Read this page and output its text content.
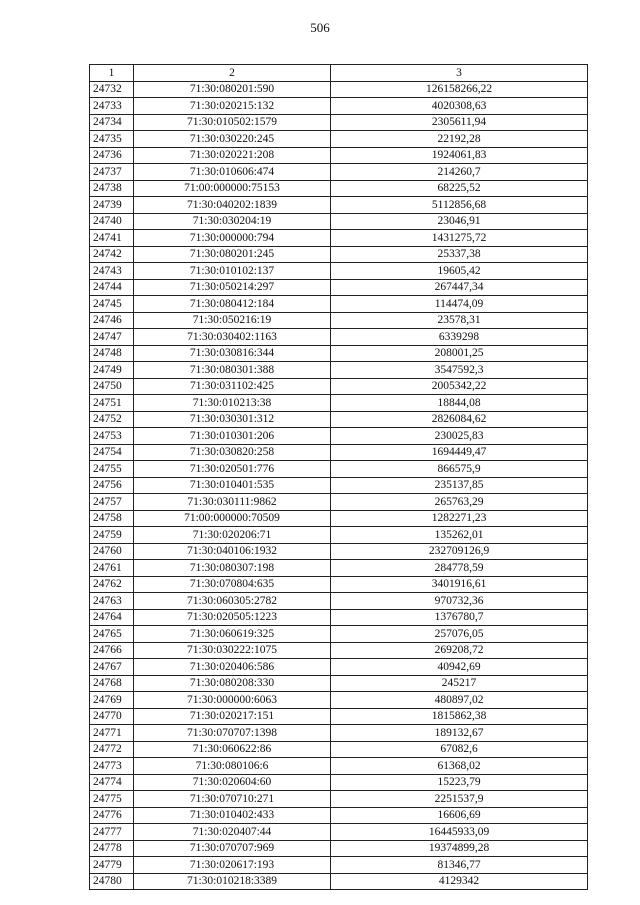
506
1	2	3
24732	71:30:080201:590	126158266,22
24733	71:30:020215:132	4020308,63
24734	71:30:010502:1579	2305611,94
24735	71:30:030220:245	22192,28
24736	71:30:020221:208	1924061,83
24737	71:30:010606:474	214260,7
24738	71:00:000000:75153	68225,52
24739	71:30:040202:1839	5112856,68
24740	71:30:030204:19	23046,91
24741	71:30:000000:794	1431275,72
24742	71:30:080201:245	25337,38
24743	71:30:010102:137	19605,42
24744	71:30:050214:297	267447,34
24745	71:30:080412:184	114474,09
24746	71:30:050216:19	23578,31
24747	71:30:030402:1163	6339298
24748	71:30:030816:344	208001,25
24749	71:30:080301:388	3547592,3
24750	71:30:031102:425	2005342,22
24751	71:30:010213:38	18844,08
24752	71:30:030301:312	2826084,62
24753	71:30:010301:206	230025,83
24754	71:30:030820:258	1694449,47
24755	71:30:020501:776	866575,9
24756	71:30:010401:535	235137,85
24757	71:30:030111:9862	265763,29
24758	71:00:000000:70509	1282271,23
24759	71:30:020206:71	135262,01
24760	71:30:040106:1932	232709126,9
24761	71:30:080307:198	284778,59
24762	71:30:070804:635	3401916,61
24763	71:30:060305:2782	970732,36
24764	71:30:020505:1223	1376780,7
24765	71:30:060619:325	257076,05
24766	71:30:030222:1075	269208,72
24767	71:30:020406:586	40942,69
24768	71:30:080208:330	245217
24769	71:30:000000:6063	480897,02
24770	71:30:020217:151	1815862,38
24771	71:30:070707:1398	189132,67
24772	71:30:060622:86	67082,6
24773	71:30:080106:6	61368,02
24774	71:30:020604:60	15223,79
24775	71:30:070710:271	2251537,9
24776	71:30:010402:433	16606,69
24777	71:30:020407:44	16445933,09
24778	71:30:070707:969	19374899,28
24779	71:30:020617:193	81346,77
24780	71:30:010218:3389	4129342
